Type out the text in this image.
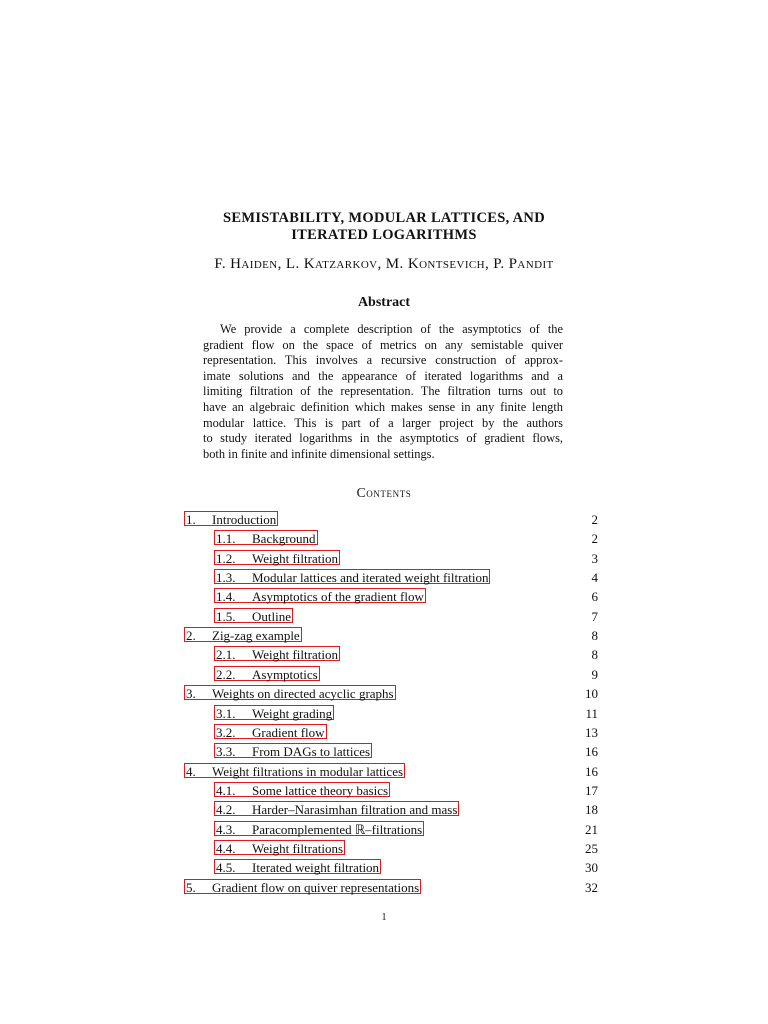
SEMISTABILITY, MODULAR LATTICES, AND
ITERATED LOGARITHMS
F. Haiden, L. Katzarkov, M. Kontsevich, P. Pandit
Abstract
We provide a complete description of the asymptotics of the
gradient flow on the space of metrics on any semistable quiver
representation. This involves a recursive construction of approx-
imate solutions and the appearance of iterated logarithms and a
limiting filtration of the representation. The filtration turns out to
have an algebraic definition which makes sense in any finite length
modular lattice. This is part of a larger project by the authors
to study iterated logarithms in the asymptotics of gradient flows,
both in finite and infinite dimensional settings.
Contents
1. Introduction	2
1.1. Background	2
1.2. Weight filtration	3
1.3. Modular lattices and iterated weight filtration	4
1.4. Asymptotics of the gradient flow	6
1.5. Outline	7
2. Zig-zag example	8
2.1. Weight filtration	8
2.2. Asymptotics	9
3. Weights on directed acyclic graphs	10
3.1. Weight grading	11
3.2. Gradient flow	13
3.3. From DAGs to lattices	16
4. Weight filtrations in modular lattices	16
4.1. Some lattice theory basics	17
4.2. Harder–Narasimhan filtration and mass	18
4.3. Paracomplemented ℝ–filtrations	21
4.4. Weight filtrations	25
4.5. Iterated weight filtration	30
5. Gradient flow on quiver representations	32
1
